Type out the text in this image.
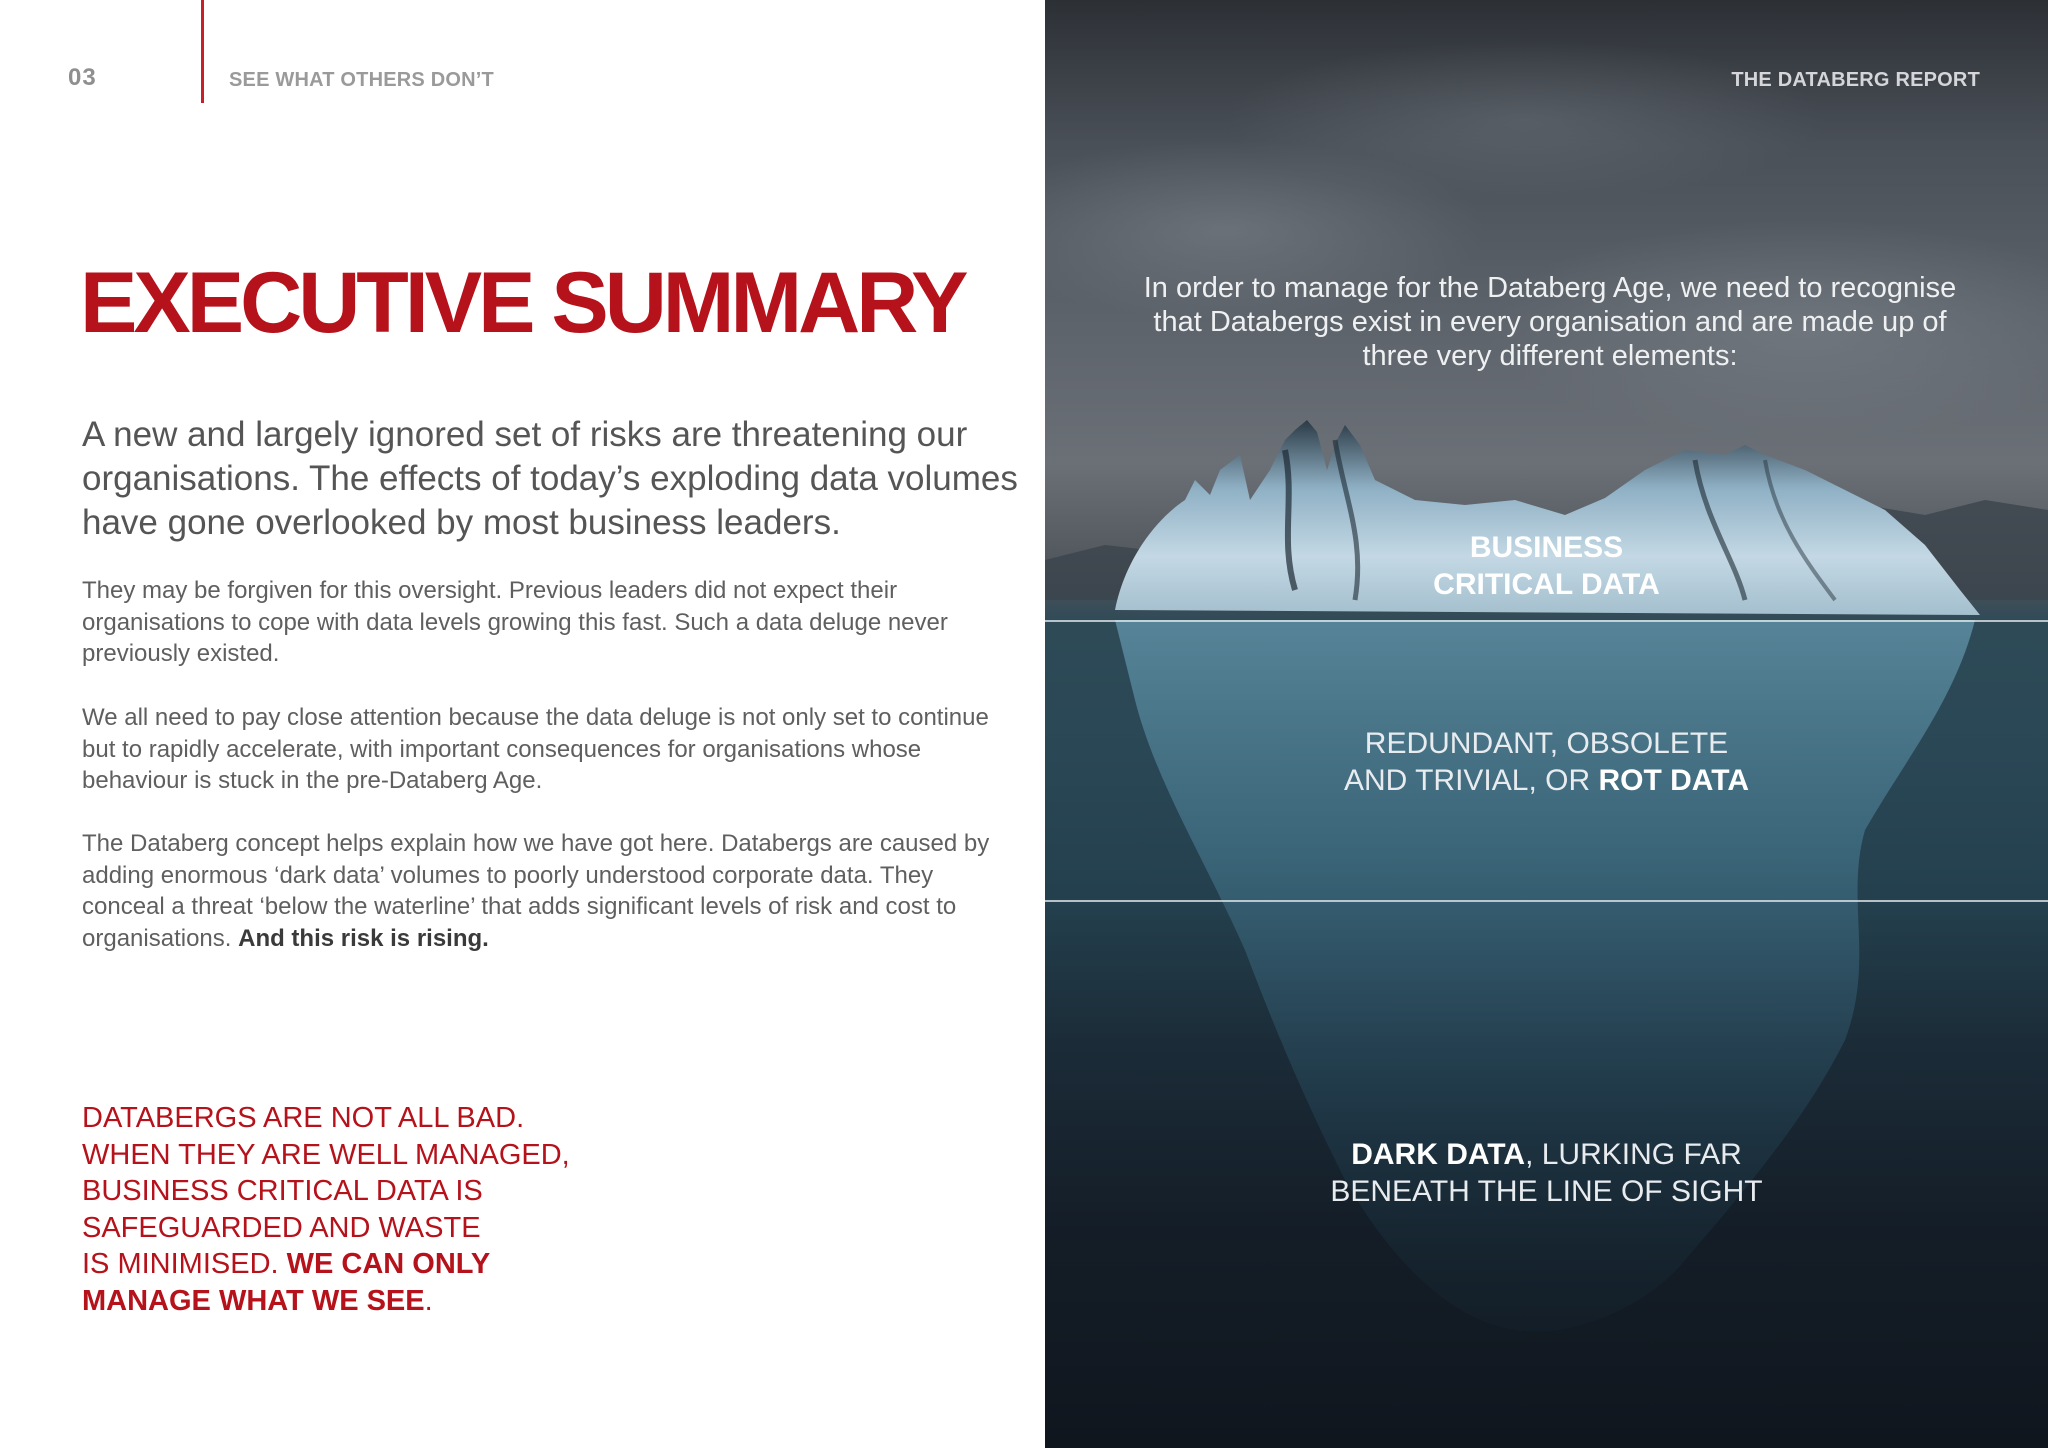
03	SEE WHAT OTHERS DON’T
EXECUTIVE SUMMARY

A new and largely ignored set of risks are threatening our organisations. The effects of today’s exploding data volumes have gone overlooked by most business leaders.

They may be forgiven for this oversight. Previous leaders did not expect their organisations to cope with data levels growing this fast. Such a data deluge never previously existed.

We all need to pay close attention because the data deluge is not only set to continue but to rapidly accelerate, with important consequences for organisations whose behaviour is stuck in the pre-Databerg Age.

The Databerg concept helps explain how we have got here. Databergs are caused by adding enormous ‘dark data’ volumes to poorly understood corporate data. They conceal a threat ‘below the waterline’ that adds significant levels of risk and cost to organisations. And this risk is rising.

DATABERGS ARE NOT ALL BAD.
WHEN THEY ARE WELL MANAGED,
BUSINESS CRITICAL DATA IS
SAFEGUARDED AND WASTE
IS MINIMISED. WE CAN ONLY
MANAGE WHAT WE SEE.

THE DATABERG REPORT

In order to manage for the Databerg Age, we need to recognise that Databergs exist in every organisation and are made up of three very different elements:

BUSINESS
CRITICAL DATA

REDUNDANT, OBSOLETE
AND TRIVIAL, OR ROT DATA

DARK DATA, LURKING FAR
BENEATH THE LINE OF SIGHT
